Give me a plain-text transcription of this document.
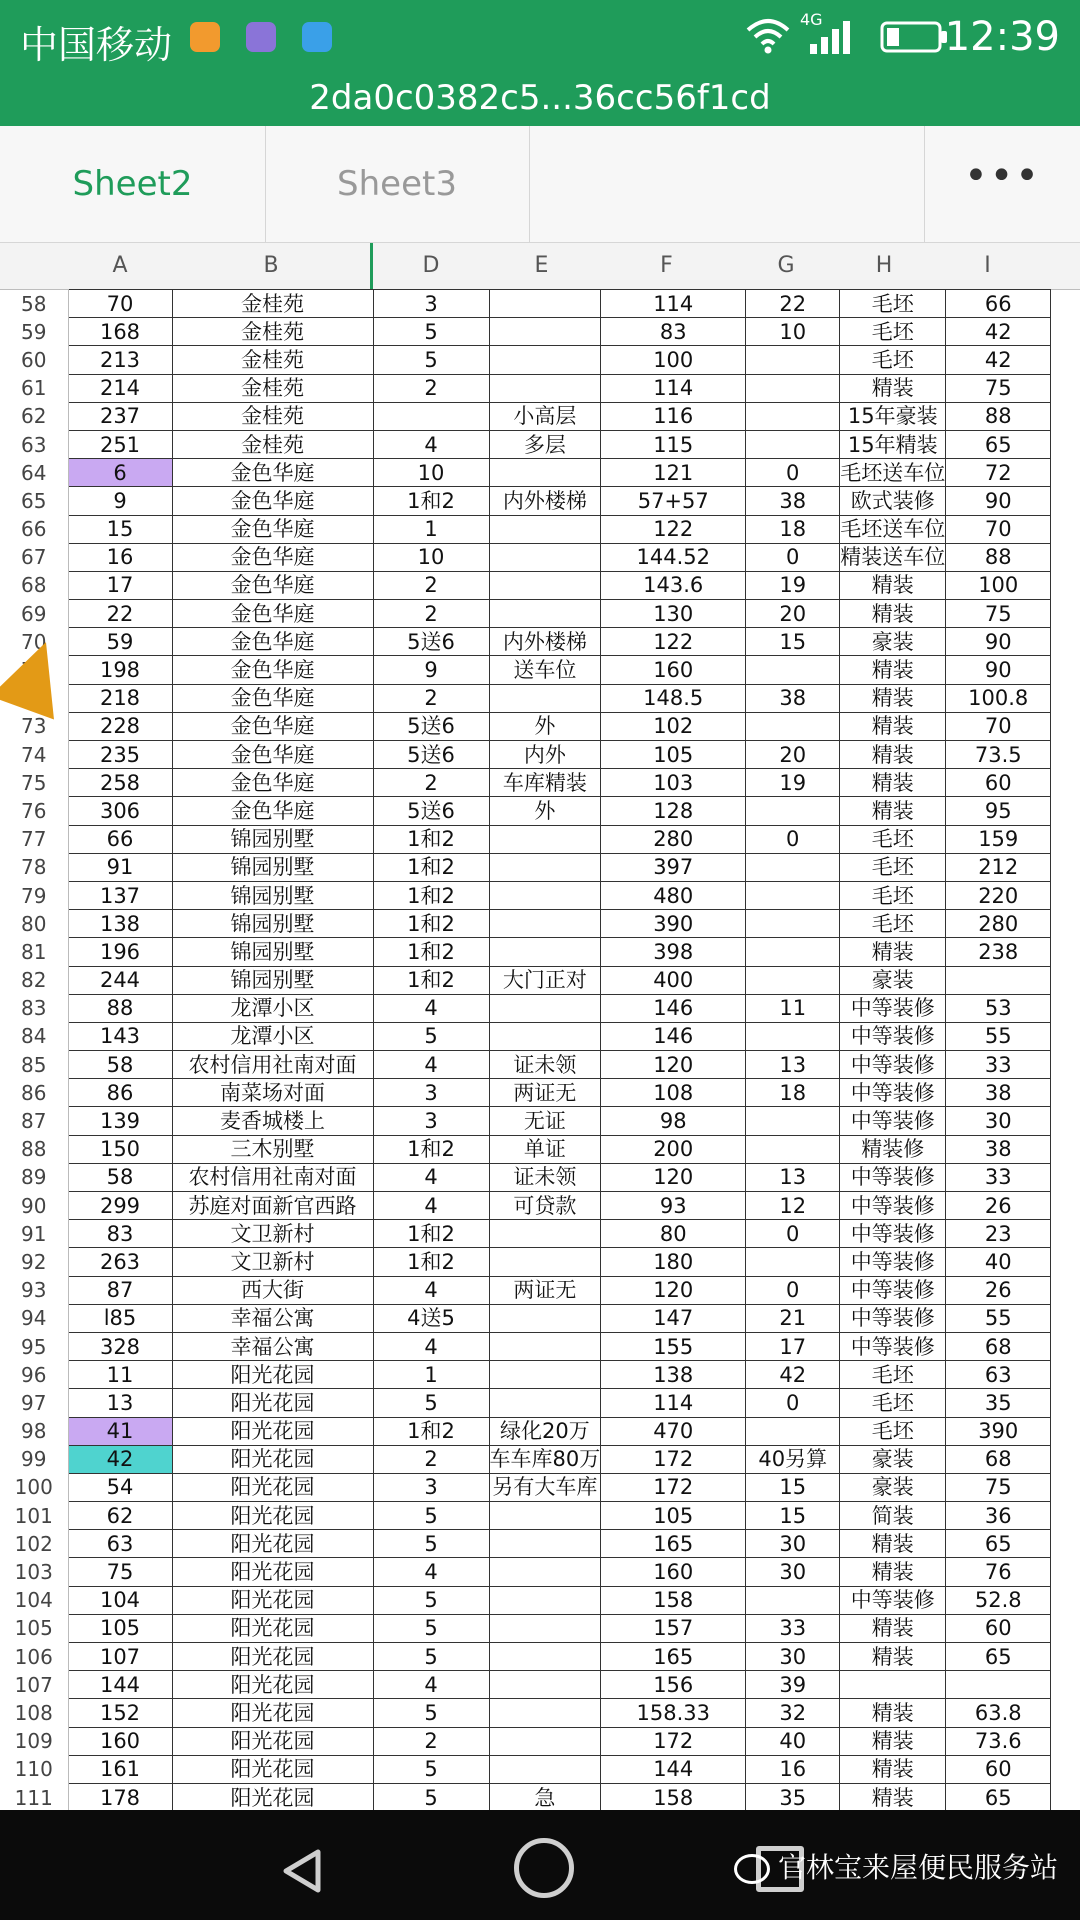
中国移动
4G	12:39
2da0c0382c5...36cc56f1cd
Sheet2	Sheet3	•••
A	B	D	E	F	G	H	I
58	70	金桂苑	3		114	22	毛坯	66
59	168	金桂苑	5		83	10	毛坯	42
60	213	金桂苑	5		100		毛坯	42
61	214	金桂苑	2		114		精装	75
62	237	金桂苑		小高层	116		15年豪装	88
63	251	金桂苑	4	多层	115		15年精装	65
64	6	金色华庭	10		121	0	毛坯送车位	72
65	9	金色华庭	1和2	内外楼梯	57+57	38	欧式装修	90
66	15	金色华庭	1		122	18	毛坯送车位	70
67	16	金色华庭	10		144.52	0	精装送车位	88
68	17	金色华庭	2		143.6	19	精装	100
69	22	金色华庭	2		130	20	精装	75
70	59	金色华庭	5送6	内外楼梯	122	15	豪装	90
71	198	金色华庭	9	送车位	160		精装	90
72	218	金色华庭	2		148.5	38	精装	100.8
73	228	金色华庭	5送6	外	102		精装	70
74	235	金色华庭	5送6	内外	105	20	精装	73.5
75	258	金色华庭	2	车库精装	103	19	精装	60
76	306	金色华庭	5送6	外	128		精装	95
77	66	锦园别墅	1和2		280	0	毛坯	159
78	91	锦园别墅	1和2		397		毛坯	212
79	137	锦园别墅	1和2		480		毛坯	220
80	138	锦园别墅	1和2		390		毛坯	280
81	196	锦园别墅	1和2		398		精装	238
82	244	锦园别墅	1和2	大门正对	400		豪装	
83	88	龙潭小区	4		146	11	中等装修	53
84	143	龙潭小区	5		146		中等装修	55
85	58	农村信用社南对面	4	证未领	120	13	中等装修	33
86	86	南菜场对面	3	两证无	108	18	中等装修	38
87	139	麦香城楼上	3	无证	98		中等装修	30
88	150	三木别墅	1和2	单证	200		精装修	38
89	58	农村信用社南对面	4	证未领	120	13	中等装修	33
90	299	苏庭对面新官西路	4	可贷款	93	12	中等装修	26
91	83	文卫新村	1和2		80	0	中等装修	23
92	263	文卫新村	1和2		180		中等装修	40
93	87	西大街	4	两证无	120	0	中等装修	26
94	l85	幸福公寓	4送5		147	21	中等装修	55
95	328	幸福公寓	4		155	17	中等装修	68
96	11	阳光花园	1		138	42	毛坯	63
97	13	阳光花园	5		114	0	毛坯	35
98	41	阳光花园	1和2	绿化20万	470		毛坯	390
99	42	阳光花园	2	车车库80万	172	40另算	豪装	68
100	54	阳光花园	3	另有大车库	172	15	豪装	75
101	62	阳光花园	5		105	15	简装	36
102	63	阳光花园	5		165	30	精装	65
103	75	阳光花园	4		160	30	精装	76
104	104	阳光花园	5		158		中等装修	52.8
105	105	阳光花园	5		157	33	精装	60
106	107	阳光花园	5		165	30	精装	65
107	144	阳光花园	4		156	39		
108	152	阳光花园	5		158.33	32	精装	63.8
109	160	阳光花园	2		172	40	精装	73.6
110	161	阳光花园	5		144	16	精装	60
111	178	阳光花园	5	急	158	35	精装	65

官林宝来屋便民服务站
